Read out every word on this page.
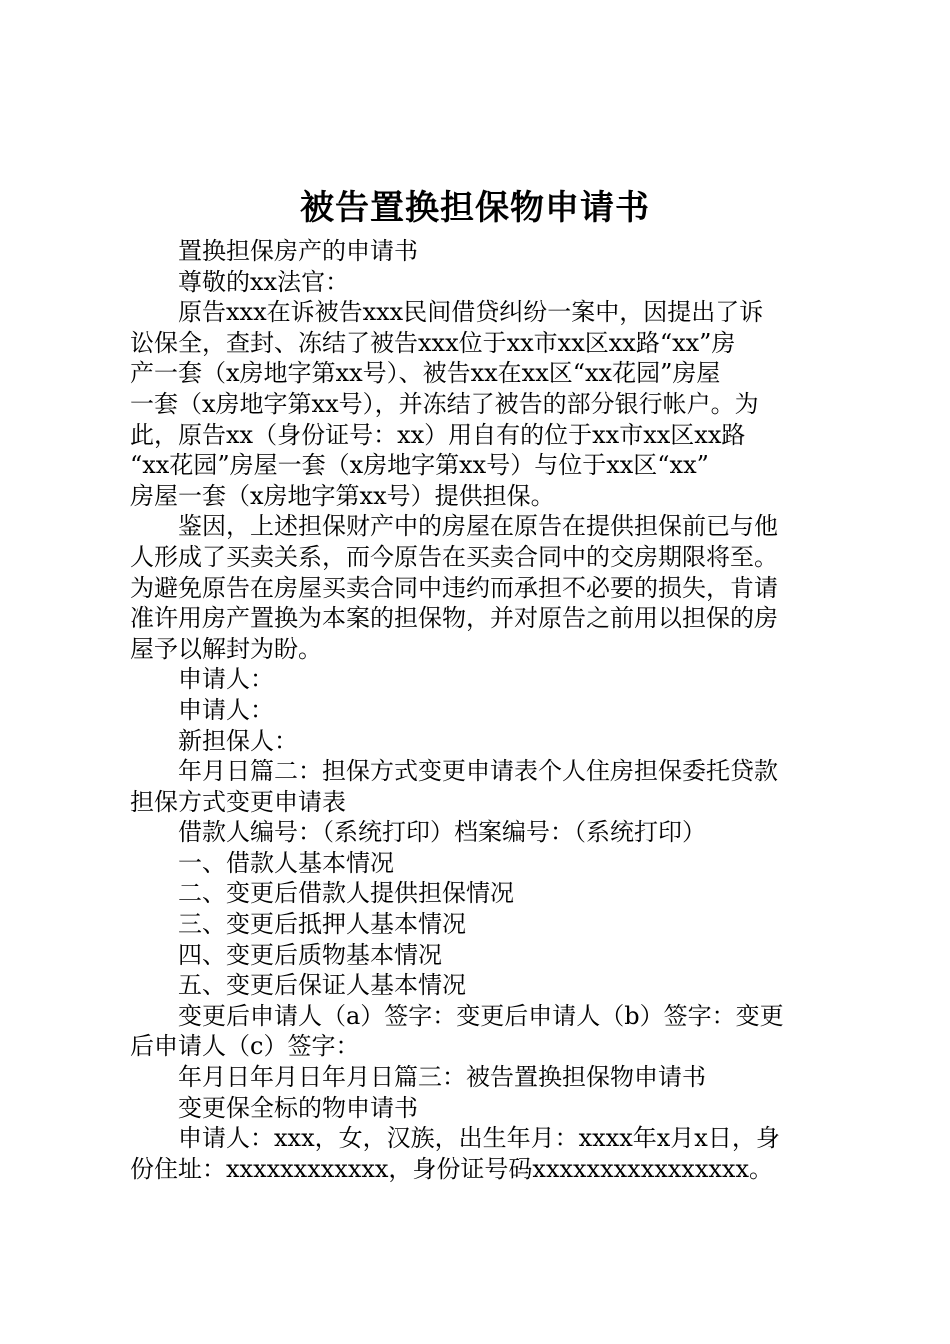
被告置换担保物申请书
置换担保房产的申请书
尊敬的xx法官：
原告xxx在诉被告xxx民间借贷纠纷一案中，因提出了诉
讼保全，查封、冻结了被告xxx位于xx市xx区xx路“xx”房
产一套（x房地字第xx号）、被告xx在xx区“xx花园”房屋
一套（x房地字第xx号），并冻结了被告的部分银行帐户。为
此，原告xx（身份证号：xx）用自有的位于xx市xx区xx路
“xx花园”房屋一套（x房地字第xx号）与位于xx区“xx”
房屋一套（x房地字第xx号）提供担保。
鉴因，上述担保财产中的房屋在原告在提供担保前已与他
人形成了买卖关系，而今原告在买卖合同中的交房期限将至。
为避免原告在房屋买卖合同中违约而承担不必要的损失，肯请
准许用房产置换为本案的担保物，并对原告之前用以担保的房
屋予以解封为盼。
申请人：
申请人：
新担保人：
年月日篇二：担保方式变更申请表个人住房担保委托贷款
担保方式变更申请表
借款人编号：（系统打印）档案编号：（系统打印）
一、借款人基本情况
二、变更后借款人提供担保情况
三、变更后抵押人基本情况
四、变更后质物基本情况
五、变更后保证人基本情况
变更后申请人（a）签字：变更后申请人（b）签字：变更
后申请人（c）签字：
年月日年月日年月日篇三：被告置换担保物申请书
变更保全标的物申请书
申请人：xxx，女，汉族，出生年月：xxxx年x月x日，身
份住址：xxxxxxxxxxxx，身份证号码xxxxxxxxxxxxxxxx。
